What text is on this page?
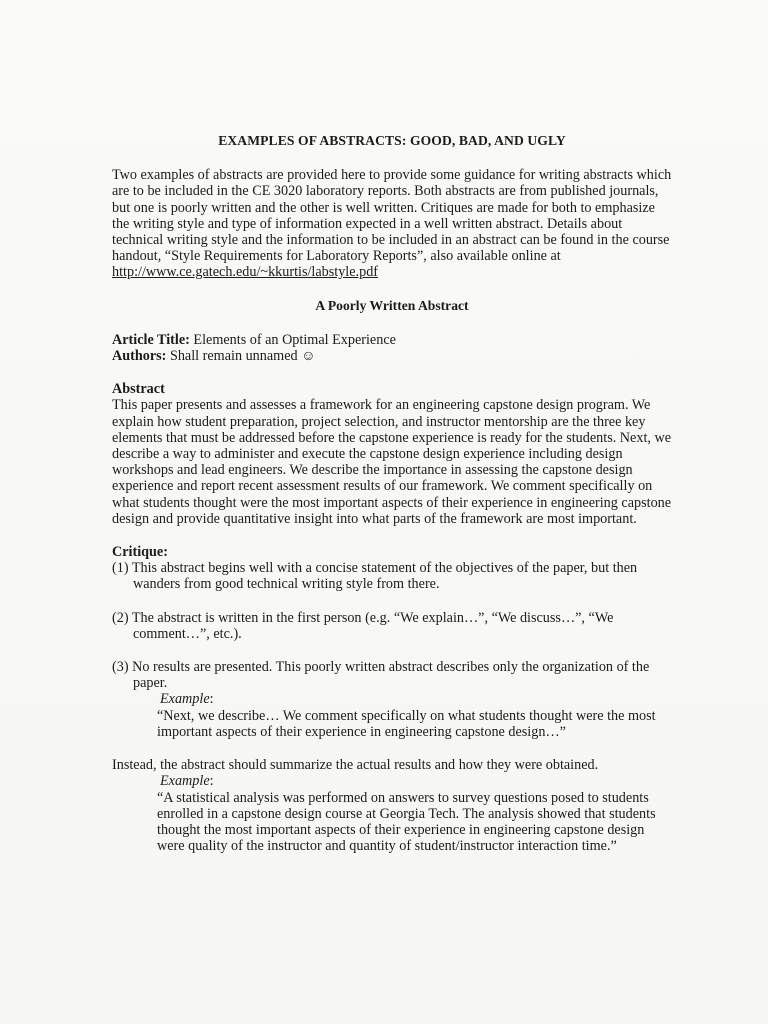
EXAMPLES OF ABSTRACTS: GOOD, BAD, AND UGLY

Two examples of abstracts are provided here to provide some guidance for writing abstracts which are to be included in the CE 3020 laboratory reports. Both abstracts are from published journals, but one is poorly written and the other is well written. Critiques are made for both to emphasize the writing style and type of information expected in a well written abstract. Details about technical writing style and the information to be included in an abstract can be found in the course handout, “Style Requirements for Laboratory Reports”, also available online at http://www.ce.gatech.edu/~kkurtis/labstyle.pdf

A Poorly Written Abstract

Article Title: Elements of an Optimal Experience

Authors: Shall remain unnamed ☺

Abstract

This paper presents and assesses a framework for an engineering capstone design program. We explain how student preparation, project selection, and instructor mentorship are the three key elements that must be addressed before the capstone experience is ready for the students. Next, we describe a way to administer and execute the capstone design experience including design workshops and lead engineers. We describe the importance in assessing the capstone design experience and report recent assessment results of our framework. We comment specifically on what students thought were the most important aspects of their experience in engineering capstone design and provide quantitative insight into what parts of the framework are most important.

Critique:

(1) This abstract begins well with a concise statement of the objectives of the paper, but then wanders from good technical writing style from there.

(2) The abstract is written in the first person (e.g. “We explain…”, “We discuss…”, “We comment…”, etc.).

(3) No results are presented. This poorly written abstract describes only the organization of the paper.

Example:

“Next, we describe… We comment specifically on what students thought were the most important aspects of their experience in engineering capstone design…”

Instead, the abstract should summarize the actual results and how they were obtained.

Example:

“A statistical analysis was performed on answers to survey questions posed to students enrolled in a capstone design course at Georgia Tech. The analysis showed that students thought the most important aspects of their experience in engineering capstone design were quality of the instructor and quantity of student/instructor interaction time.”
